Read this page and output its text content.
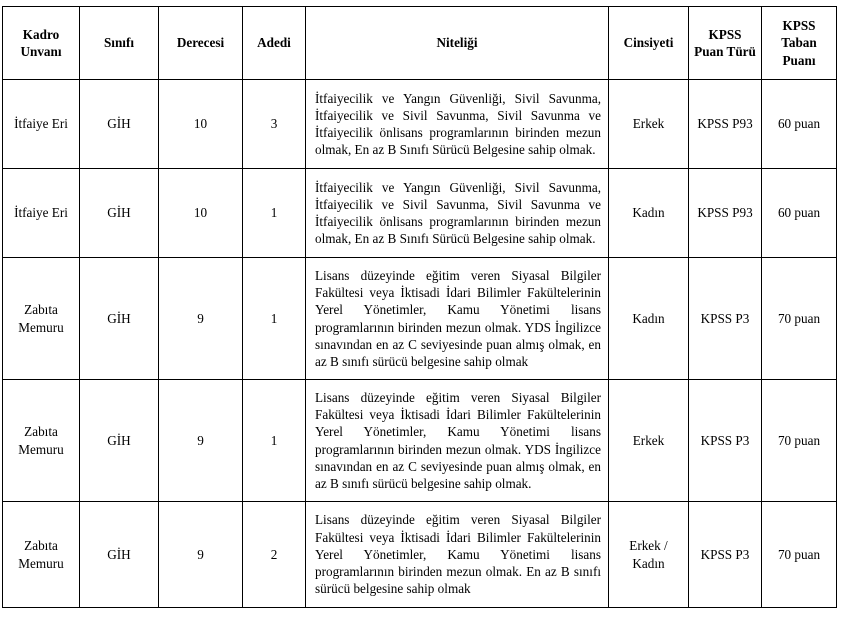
Kadro Unvanı	Sınıfı	Derecesi	Adedi	Niteliği	Cinsiyeti	KPSS Puan Türü	KPSS Taban Puanı
İtfaiye Eri	GİH	10	3	İtfaiyecilik ve Yangın Güvenliği, Sivil Savunma, İtfaiyecilik ve Sivil Savunma, Sivil Savunma ve İtfaiyecilik önlisans programlarının birinden mezun olmak, En az B Sınıfı Sürücü Belgesine sahip olmak.	Erkek	KPSS P93	60 puan
İtfaiye Eri	GİH	10	1	İtfaiyecilik ve Yangın Güvenliği, Sivil Savunma, İtfaiyecilik ve Sivil Savunma, Sivil Savunma ve İtfaiyecilik önlisans programlarının birinden mezun olmak, En az B Sınıfı Sürücü Belgesine sahip olmak.	Kadın	KPSS P93	60 puan
Zabıta Memuru	GİH	9	1	Lisans düzeyinde eğitim veren Siyasal Bilgiler Fakültesi veya İktisadi İdari Bilimler Fakültelerinin Yerel Yönetimler, Kamu Yönetimi lisans programlarının birinden mezun olmak. YDS İngilizce sınavından en az C seviyesinde puan almış olmak, en az B sınıfı sürücü belgesine sahip olmak	Kadın	KPSS P3	70 puan
Zabıta Memuru	GİH	9	1	Lisans düzeyinde eğitim veren Siyasal Bilgiler Fakültesi veya İktisadi İdari Bilimler Fakültelerinin Yerel Yönetimler, Kamu Yönetimi lisans programlarının birinden mezun olmak. YDS İngilizce sınavından en az C seviyesinde puan almış olmak, en az B sınıfı sürücü belgesine sahip olmak.	Erkek	KPSS P3	70 puan
Zabıta Memuru	GİH	9	2	Lisans düzeyinde eğitim veren Siyasal Bilgiler Fakültesi veya İktisadi İdari Bilimler Fakültelerinin Yerel Yönetimler, Kamu Yönetimi lisans programlarının birinden mezun olmak. En az B sınıfı sürücü belgesine sahip olmak	Erkek / Kadın	KPSS P3	70 puan
